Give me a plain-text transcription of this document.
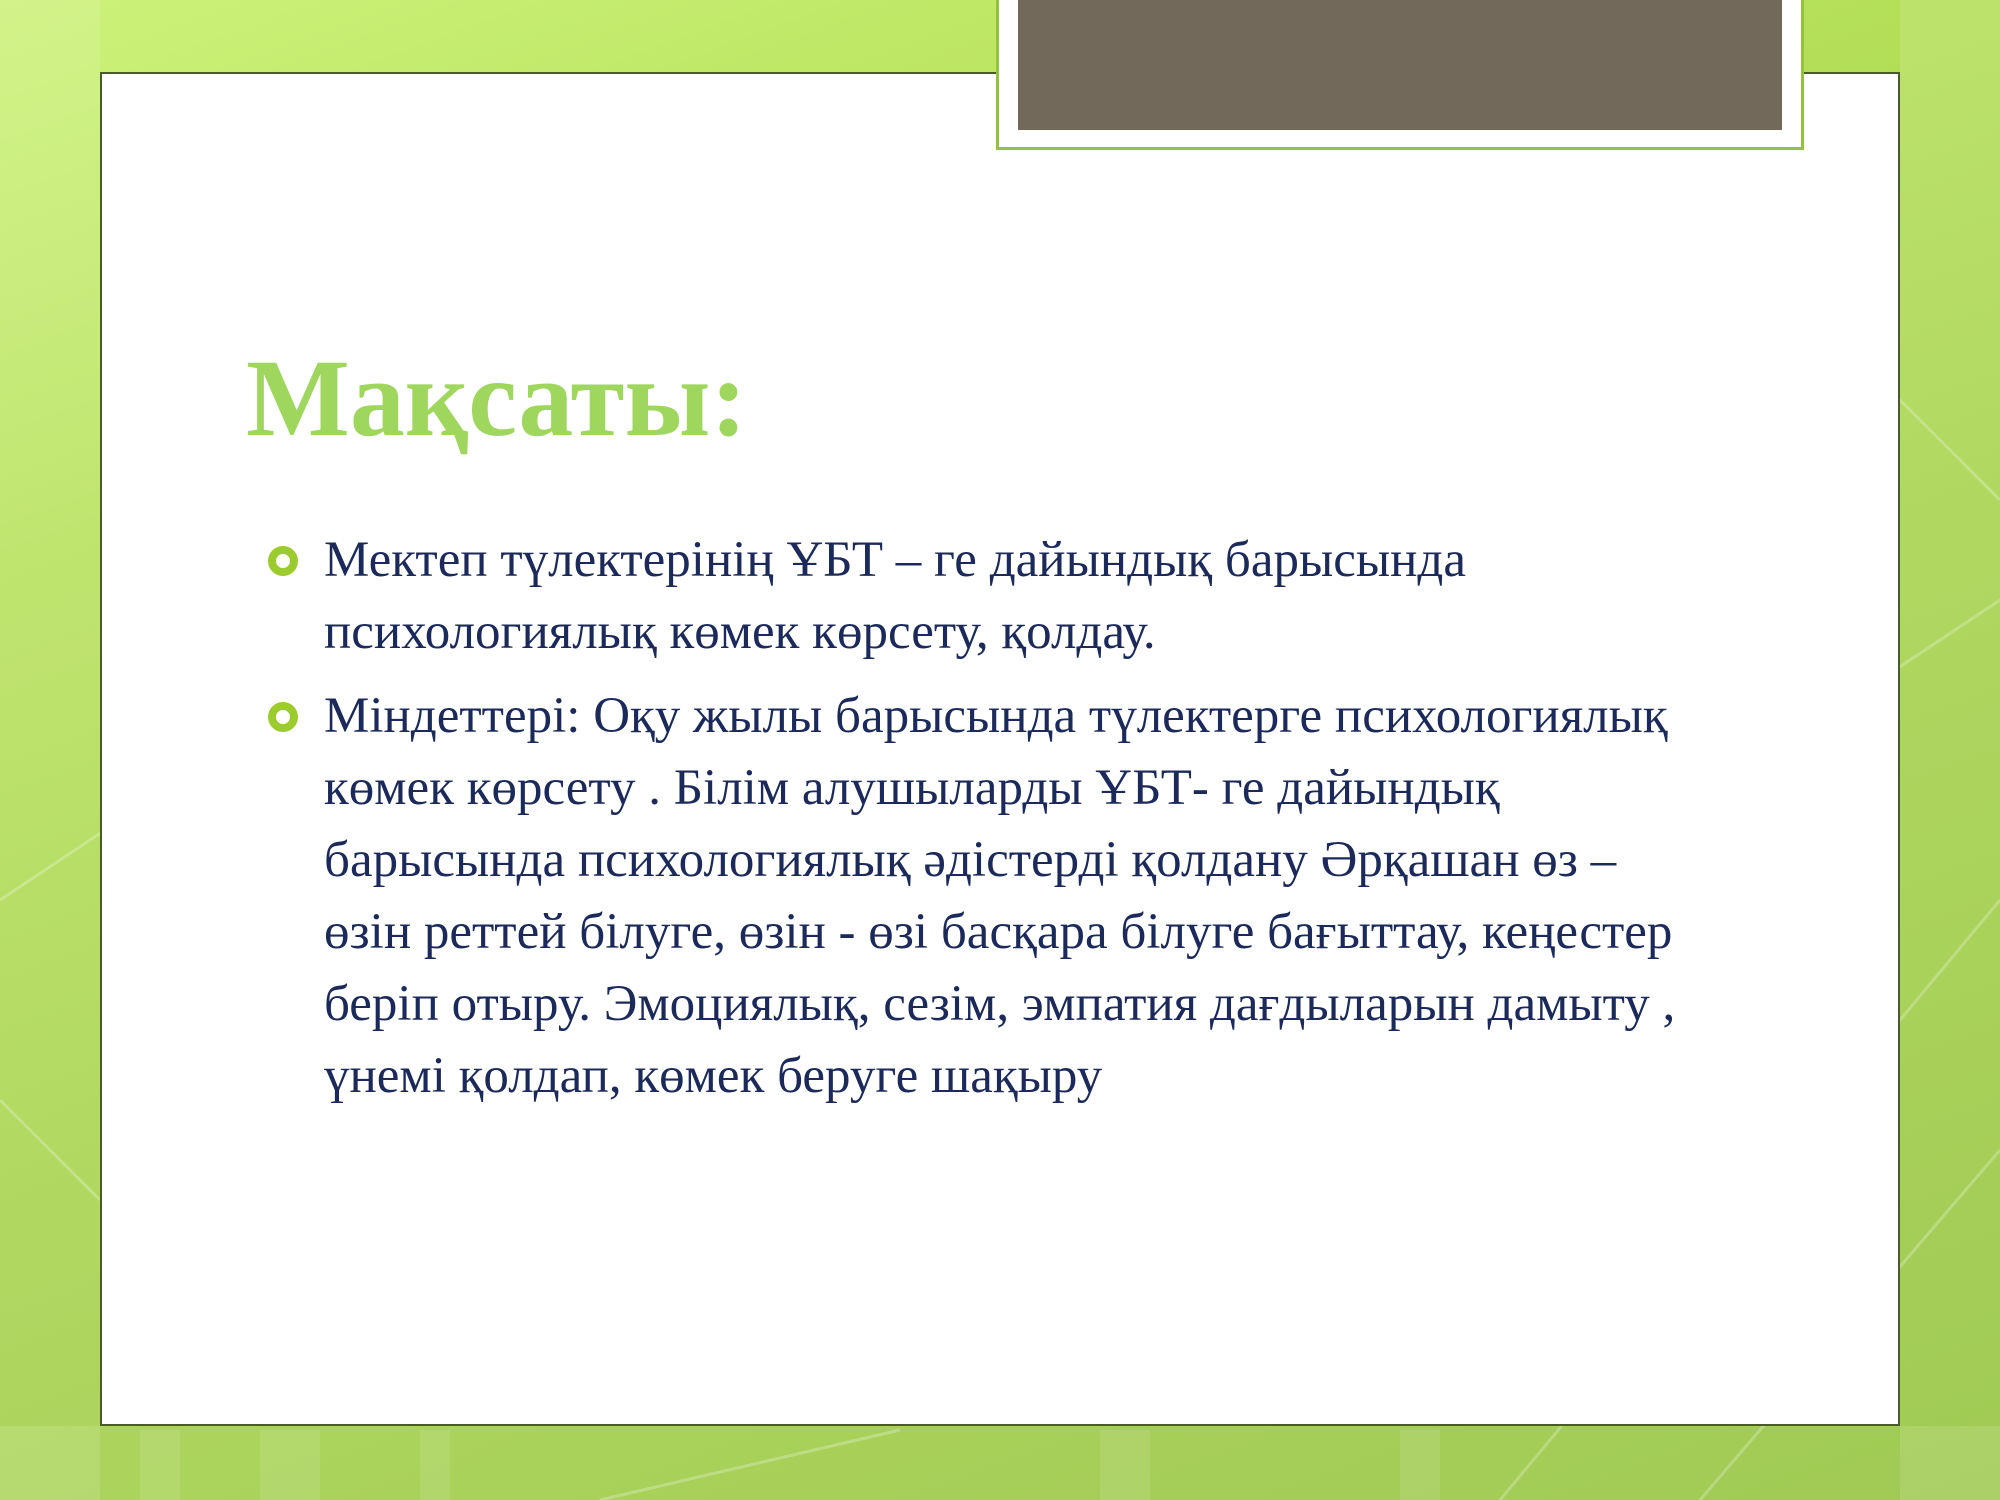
Мақсаты:
Мектеп түлектерінің ҰБТ – ге дайындық барысында психологиялық көмек көрсету, қолдау.
Міндеттері: Оқу жылы барысында түлектерге психологиялық көмек көрсету . Білім алушыларды ҰБТ- ге дайындық барысында психологиялық әдістерді қолдану Әрқашан өз – өзін реттей білуге, өзін - өзі басқара білуге бағыттау, кеңестер беріп отыру. Эмоциялық, сезім, эмпатия дағдыларын дамыту , үнемі қолдап, көмек беруге шақыру
